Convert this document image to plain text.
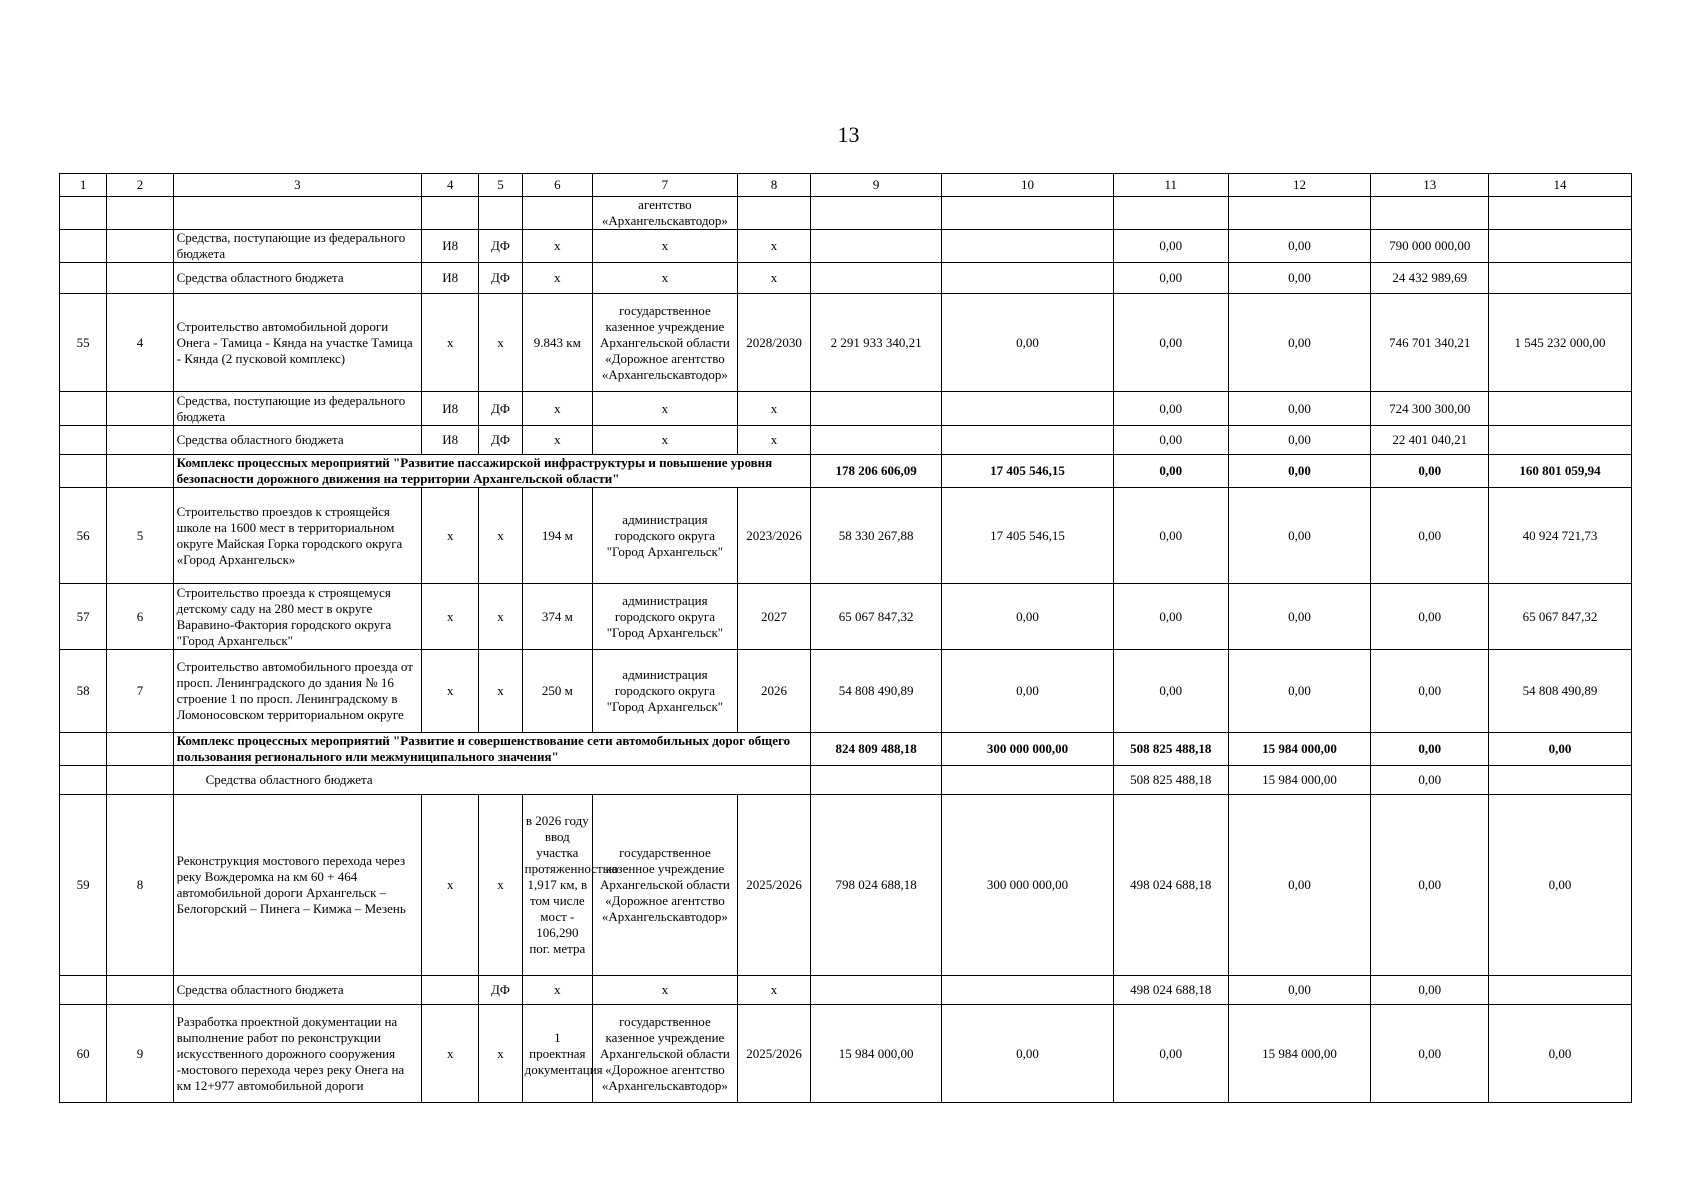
13
1	2	3	4	5	6	7	8	9	10	11	12	13	14
						агентство «Архангельскавтодор»							
		Средства, поступающие из федерального бюджета	И8	ДФ	х	х	х			0,00	0,00	790 000 000,00	
		Средства областного бюджета	И8	ДФ	х	х	х			0,00	0,00	24 432 989,69	
55	4	Строительство автомобильной дороги Онега - Тамица - Кянда на участке Тамица - Кянда (2 пусковой комплекс)	х	х	9.843 км	государственное казенное учреждение Архангельской области «Дорожное агентство «Архангельскавтодор»	2028/2030	2 291 933 340,21	0,00	0,00	0,00	746 701 340,21	1 545 232 000,00
		Средства, поступающие из федерального бюджета	И8	ДФ	х	х	х			0,00	0,00	724 300 300,00	
		Средства областного бюджета	И8	ДФ	х	х	х			0,00	0,00	22 401 040,21	
		Комплекс процессных мероприятий "Развитие пассажирской инфраструктуры и повышение уровня безопасности дорожного движения на территории Архангельской области"						178 206 606,09	17 405 546,15	0,00	0,00	0,00	160 801 059,94
56	5	Строительство проездов к строящейся школе на 1600 мест в территориальном округе Майская Горка городского округа «Город Архангельск»	х	х	194 м	администрация городского округа "Город Архангельск"	2023/2026	58 330 267,88	17 405 546,15	0,00	0,00	0,00	40 924 721,73
57	6	Строительство проезда к строящемуся детскому саду на 280 мест в округе Варавино-Фактория городского округа "Город Архангельск"	х	х	374 м	администрация городского округа "Город Архангельск"	2027	65 067 847,32	0,00	0,00	0,00	0,00	65 067 847,32
58	7	Строительство автомобильного проезда от просп. Ленинградского до здания № 16 строение 1 по просп. Ленинградскому в Ломоносовском территориальном округе	х	х	250 м	администрация городского округа "Город Архангельск"	2026	54 808 490,89	0,00	0,00	0,00	0,00	54 808 490,89
		Комплекс процессных мероприятий "Развитие и совершенствование сети автомобильных дорог общего пользования регионального или межмуниципального значения"						824 809 488,18	300 000 000,00	508 825 488,18	15 984 000,00	0,00	0,00
		Средства областного бюджета								508 825 488,18	15 984 000,00	0,00	
59	8	Реконструкция мостового перехода через реку Вождеромка на км 60 + 464 автомобильной дороги Архангельск – Белогорский – Пинега – Кимжа – Мезень	х	х	в 2026 году ввод участка протяженностью 1,917 км, в том числе мост - 106,290 пог. метра	государственное казенное учреждение Архангельской области «Дорожное агентство «Архангельскавтодор»	2025/2026	798 024 688,18	300 000 000,00	498 024 688,18	0,00	0,00	0,00
		Средства областного бюджета		ДФ	х	х	х			498 024 688,18	0,00	0,00	
60	9	Разработка проектной документации на выполнение работ по реконструкции искусственного дорожного сооружения -мостового перехода через реку Онега на км 12+977 автомобильной дороги	х	х	1 проектная документация	государственное казенное учреждение Архангельской области «Дорожное агентство «Архангельскавтодор»	2025/2026	15 984 000,00	0,00	0,00	15 984 000,00	0,00	0,00
